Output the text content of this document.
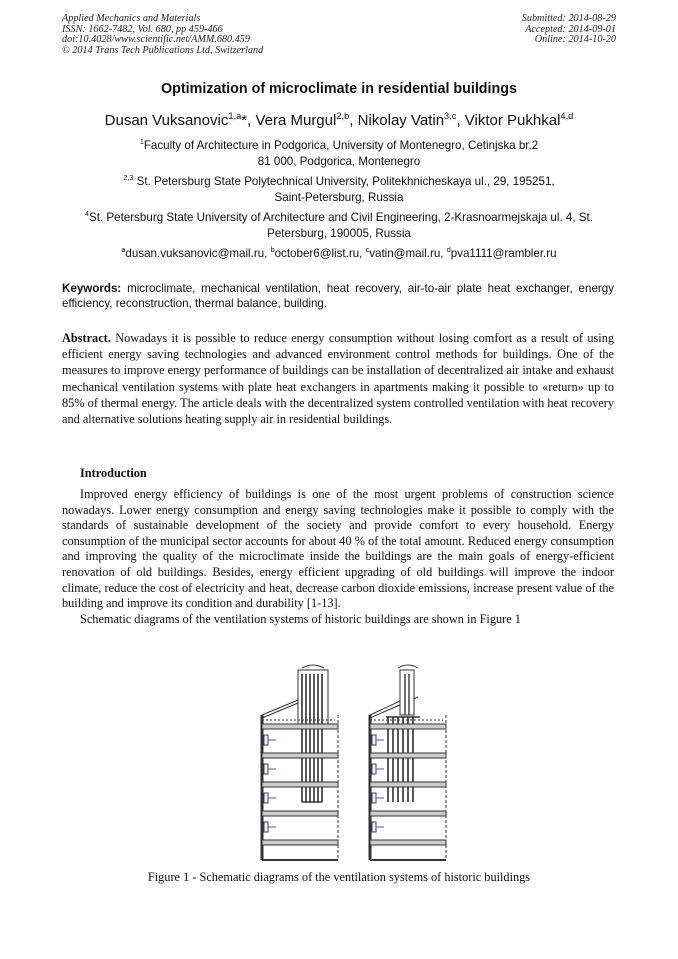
Applied Mechanics and Materials
ISSN: 1662-7482, Vol. 680, pp 459-466
doi:10.4028/www.scientific.net/AMM.680.459
© 2014 Trans Tech Publications Ltd, Switzerland
Submitted: 2014-08-29
Accepted: 2014-09-01
Online: 2014-10-20
Optimization of microclimate in residential buildings
Dusan Vuksanovic$^{1,a}$*, Vera Murgul$^{2,b}$, Nikolay Vatin$^{3,c}$, Viktor Pukhkal$^{4,d}$
$^1$Faculty of Architecture in Podgorica, University of Montenegro, Cetinjska br.2
81 000, Podgorica, Montenegro
$^{2,3}$ St. Petersburg State Polytechnical University, Politekhnicheskaya ul., 29, 195251,
Saint-Petersburg, Russia
$^4$St. Petersburg State University of Architecture and Civil Engineering, 2-Krasnoarmejskaja ul. 4, St.
Petersburg, 190005, Russia
$^a$dusan.vuksanovic@mail.ru, $^b$october6@list.ru, $^c$vatin@mail.ru, $^d$pva1111@rambler.ru
Keywords: microclimate, mechanical ventilation, heat recovery, air-to-air plate heat exchanger, energy efficiency, reconstruction, thermal balance, building.
Abstract. Nowadays it is possible to reduce energy consumption without losing comfort as a result of using efficient energy saving technologies and advanced environment control methods for buildings. One of the measures to improve energy performance of buildings can be installation of decentralized air intake and exhaust mechanical ventilation systems with plate heat exchangers in apartments making it possible to «return» up to 85% of thermal energy. The article deals with the decentralized system controlled ventilation with heat recovery and alternative solutions heating supply air in residential buildings.
Introduction

Improved energy efficiency of buildings is one of the most urgent problems of construction science nowadays. Lower energy consumption and energy saving technologies make it possible to comply with the standards of sustainable development of the society and provide comfort to every household. Energy consumption of the municipal sector accounts for about 40 % of the total amount. Reduced energy consumption and improving the quality of the microclimate inside the buildings are the main goals of energy-efficient renovation of old buildings. Besides, energy efficient upgrading of old buildings will improve the indoor climate, reduce the cost of electricity and heat, decrease carbon dioxide emissions, increase present value of the building and improve its condition and durability [1-13].

Schematic diagrams of the ventilation systems of historic buildings are shown in Figure 1

Figure 1 - Schematic diagrams of the ventilation systems of historic buildings
